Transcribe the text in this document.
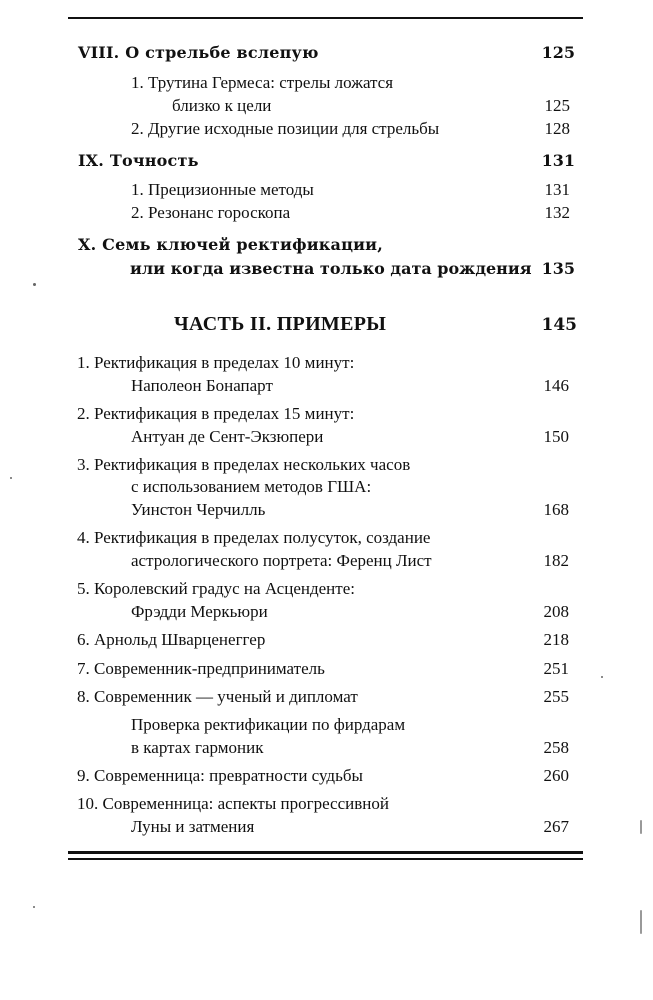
VIII. О стрельбе вслепую	125
1. Трутина Гермеса: стрелы ложатся
близко к цели	125
2. Другие исходные позиции для стрельбы	128
IX. Точность	131
1. Прецизионные методы	131
2. Резонанс гороскопа	132
X. Семь ключей ректификации,
или когда известна только дата рождения 135
ЧАСТЬ II. ПРИМЕРЫ	145
1. Ректификация в пределах 10 минут:
Наполеон Бонапарт	146
2. Ректификация в пределах 15 минут:
Антуан де Сент-Экзюпери	150
3. Ректификация в пределах нескольких часов
с использованием методов ГША:
Уинстон Черчилль	168
4. Ректификация в пределах полусуток, создание
астрологического портрета: Ференц Лист	182
5. Королевский градус на Асценденте:
Фрэдди Меркьюри	208
6. Арнольд Шварценеггер	218
7. Современник-предприниматель	251
8. Современник — ученый и дипломат	255
Проверка ректификации по фирдарам
в картах гармоник	258
9. Современница: превратности судьбы	260
10. Современница: аспекты прогрессивной
Луны и затмения	267
